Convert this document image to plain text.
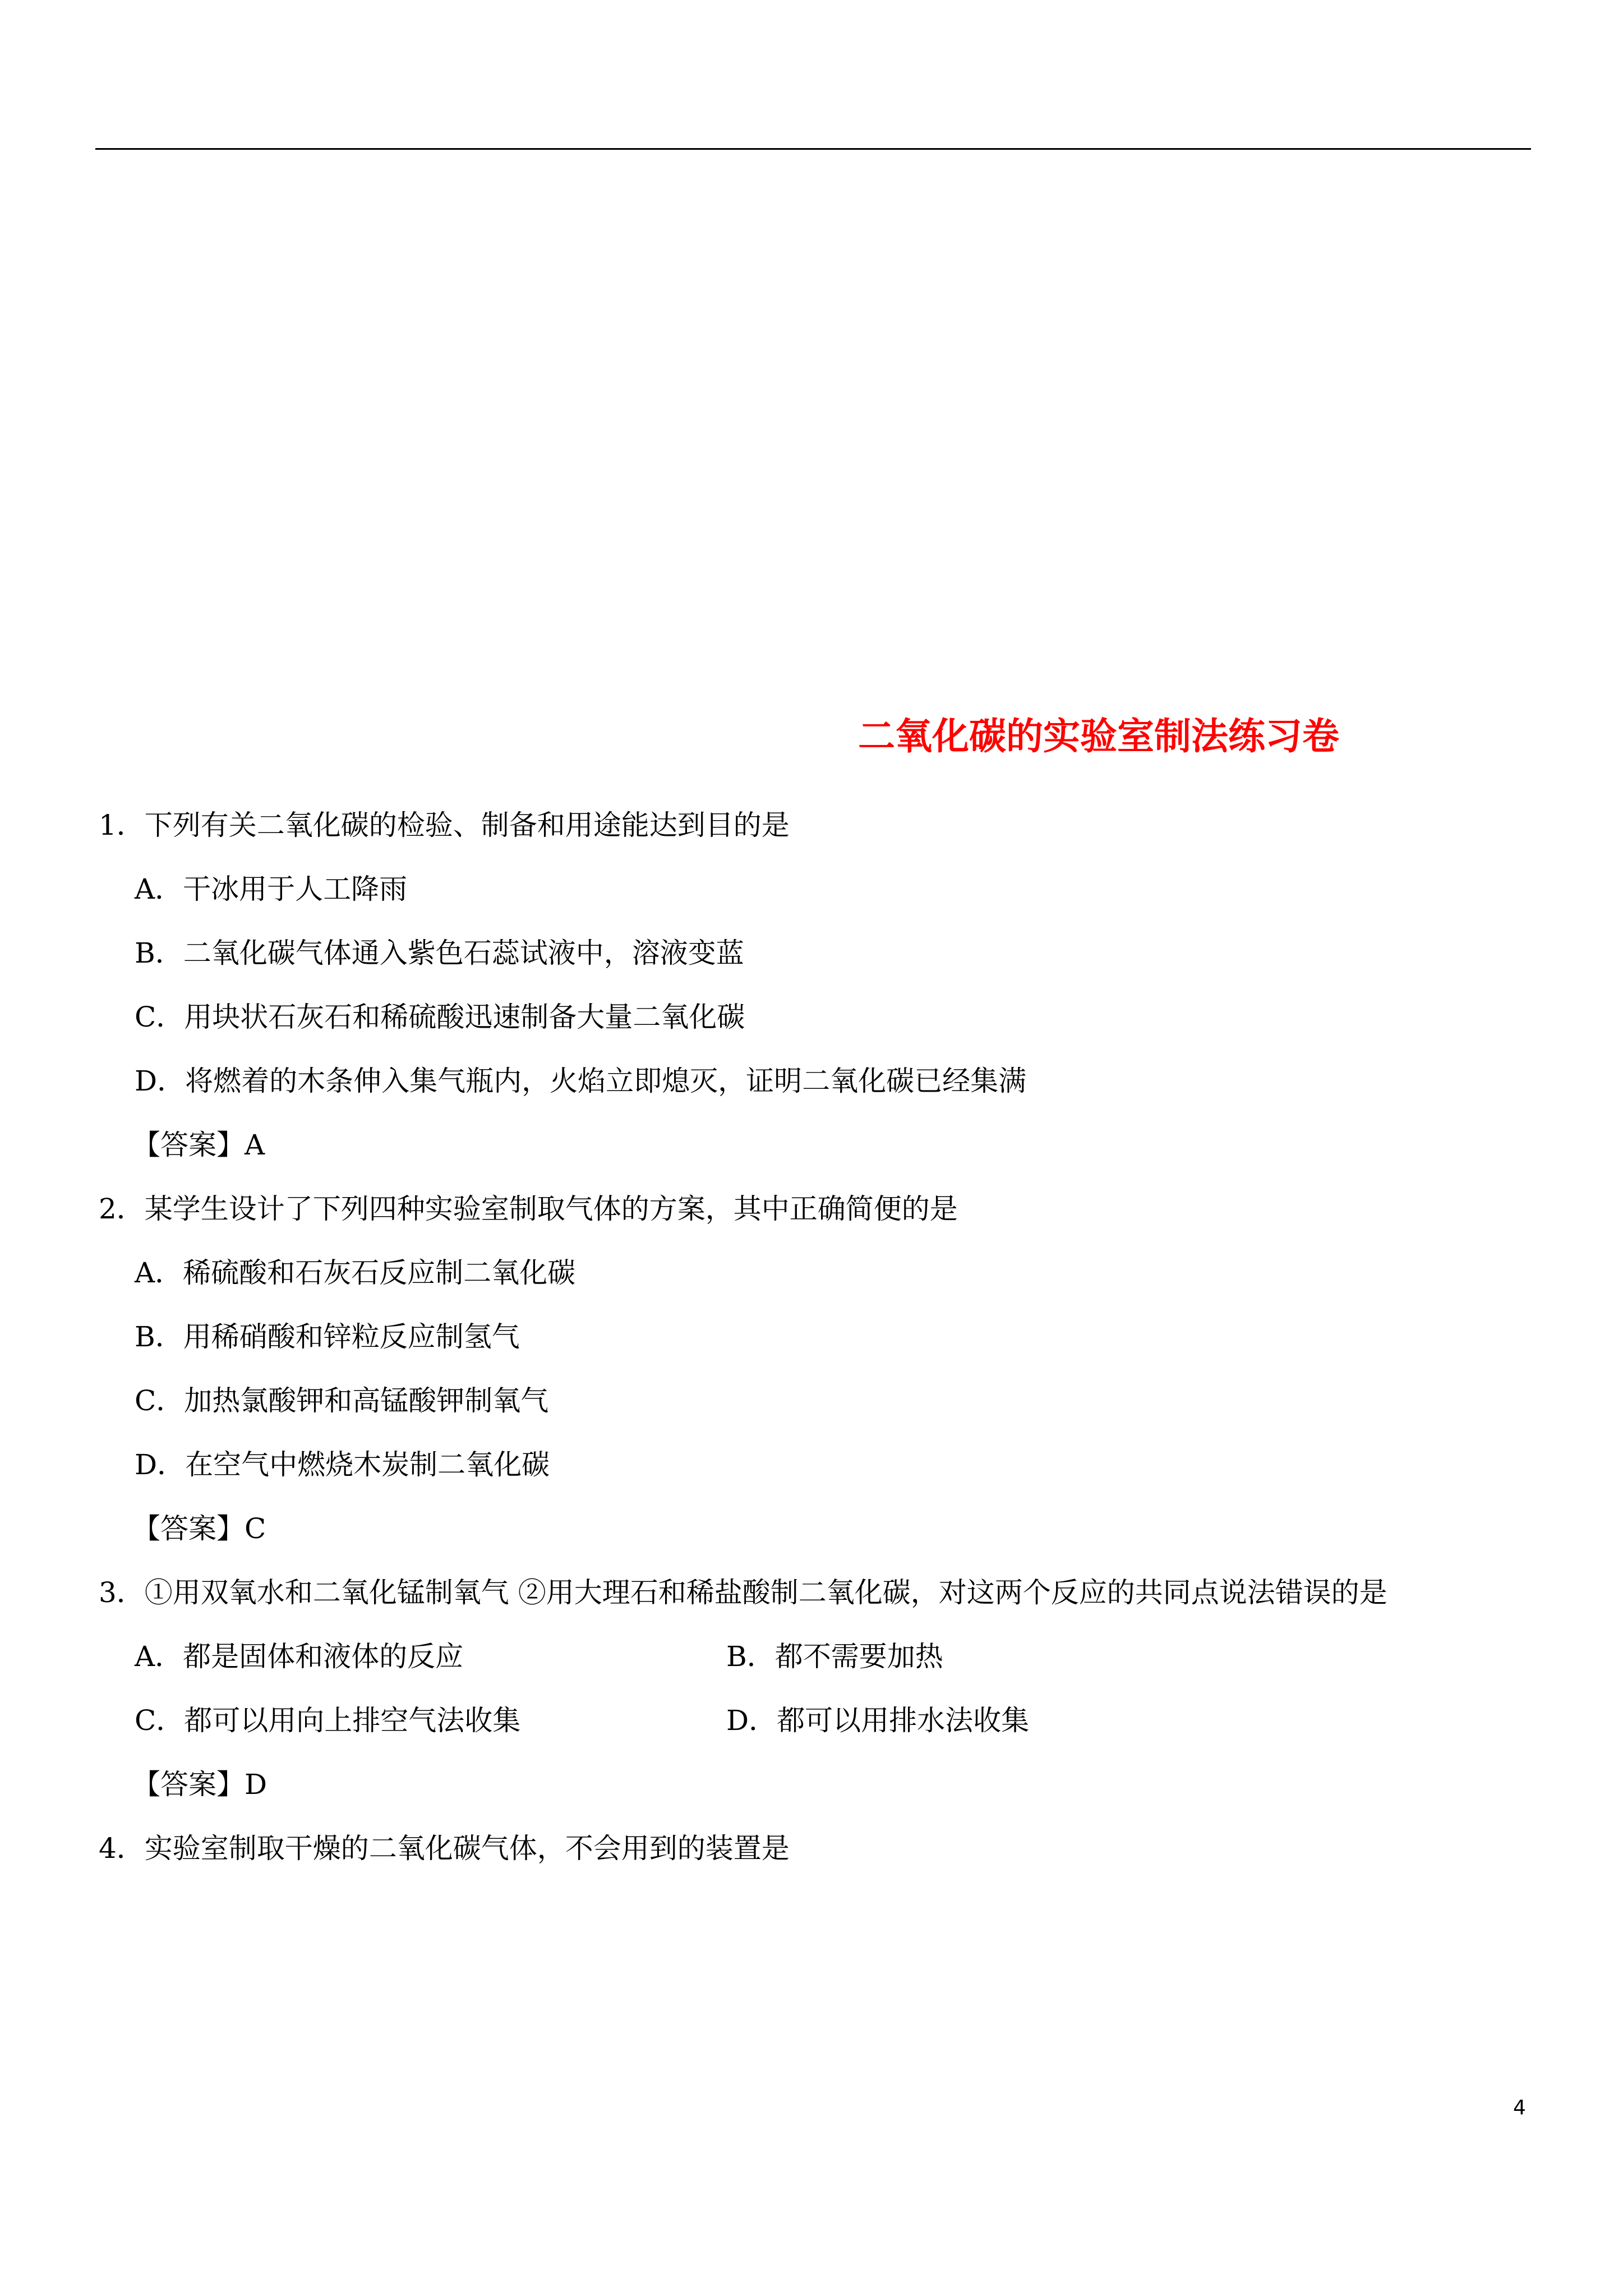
二氧化碳的实验室制法练习卷
1．下列有关二氧化碳的检验、制备和用途能达到目的是
A．干冰用于人工降雨
B．二氧化碳气体通入紫色石蕊试液中，溶液变蓝
C．用块状石灰石和稀硫酸迅速制备大量二氧化碳
D．将燃着的木条伸入集气瓶内，火焰立即熄灭，证明二氧化碳已经集满
【答案】A
2．某学生设计了下列四种实验室制取气体的方案，其中正确简便的是
A．稀硫酸和石灰石反应制二氧化碳
B．用稀硝酸和锌粒反应制氢气
C．加热氯酸钾和高锰酸钾制氧气
D．在空气中燃烧木炭制二氧化碳
【答案】C
3．①用双氧水和二氧化锰制氧气 ②用大理石和稀盐酸制二氧化碳，对这两个反应的共同点说法错误的是
A．都是固体和液体的反应	B．都不需要加热
C．都可以用向上排空气法收集	D．都可以用排水法收集
【答案】D
4．实验室制取干燥的二氧化碳气体，不会用到的装置是
4
